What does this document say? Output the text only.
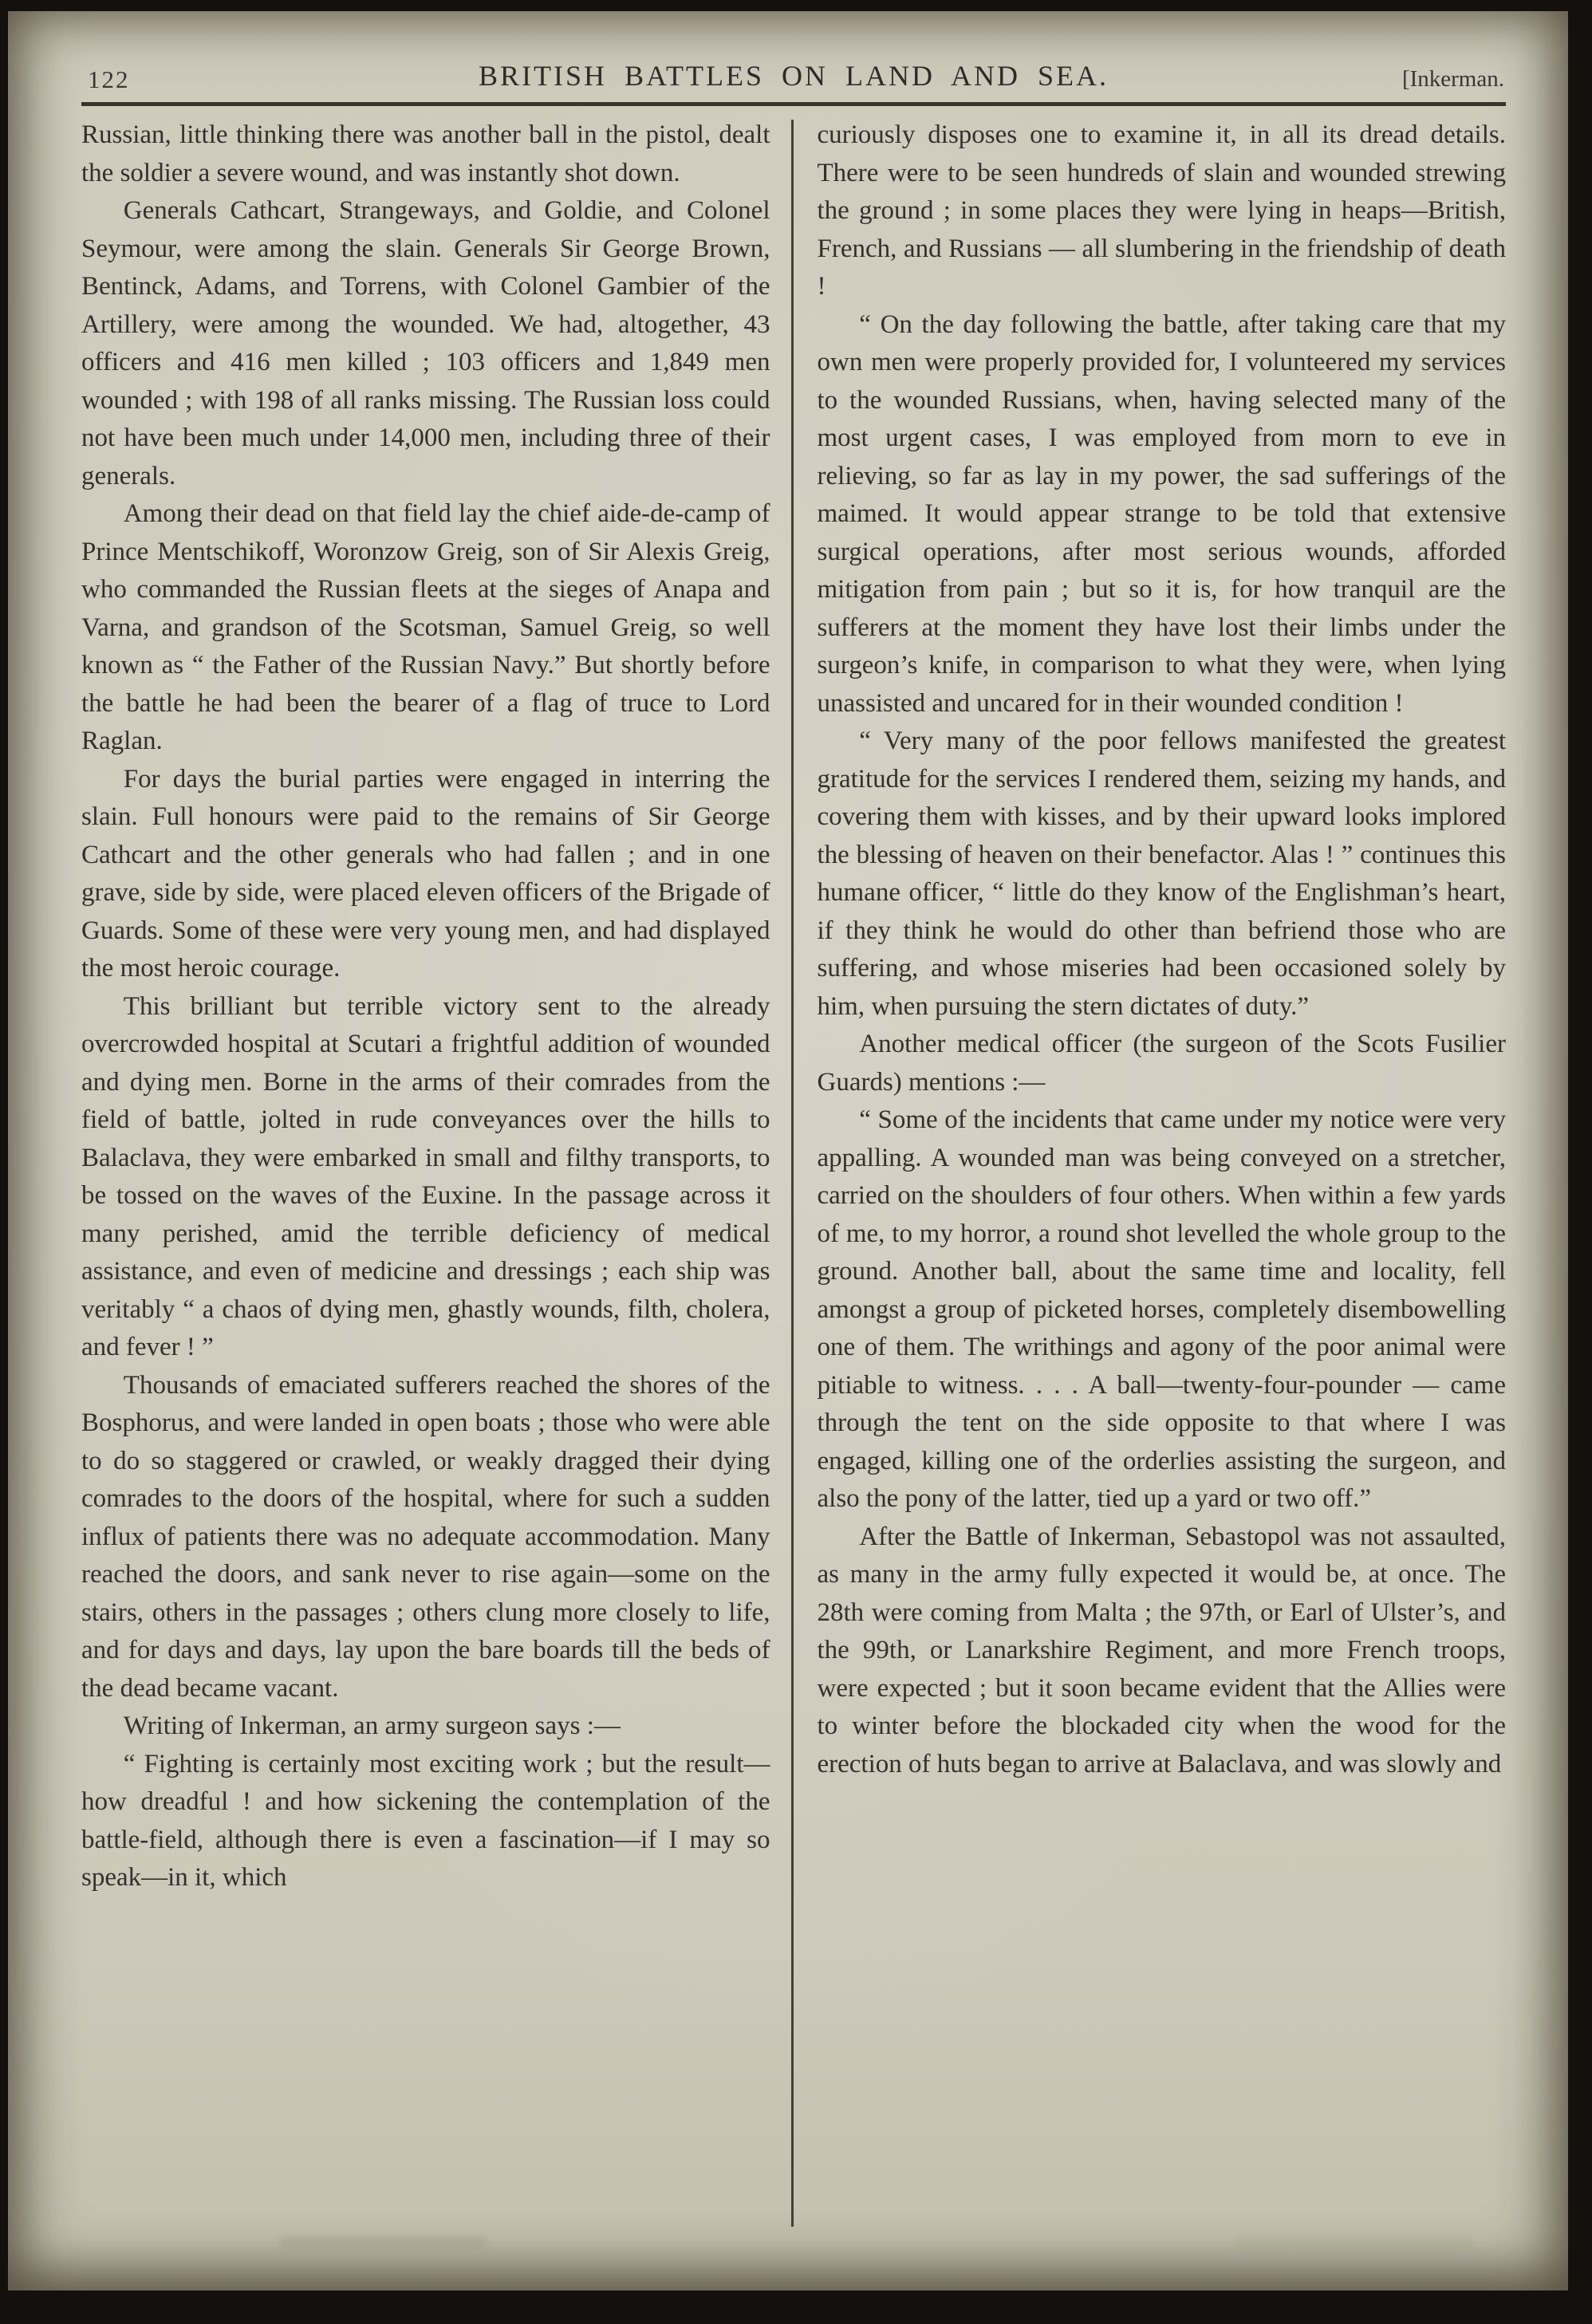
122	BRITISH BATTLES ON LAND AND SEA.	[Inkerman.

Russian, little thinking there was another ball in the pistol, dealt the soldier a severe wound, and was instantly shot down.

Generals Cathcart, Strangeways, and Goldie, and Colonel Seymour, were among the slain. Generals Sir George Brown, Bentinck, Adams, and Torrens, with Colonel Gambier of the Artillery, were among the wounded. We had, altogether, 43 officers and 416 men killed ; 103 officers and 1,849 men wounded ; with 198 of all ranks missing. The Russian loss could not have been much under 14,000 men, including three of their generals.

Among their dead on that field lay the chief aide-de-camp of Prince Mentschikoff, Woronzow Greig, son of Sir Alexis Greig, who commanded the Russian fleets at the sieges of Anapa and Varna, and grandson of the Scotsman, Samuel Greig, so well known as “ the Father of the Russian Navy.” But shortly before the battle he had been the bearer of a flag of truce to Lord Raglan.

For days the burial parties were engaged in interring the slain. Full honours were paid to the remains of Sir George Cathcart and the other generals who had fallen ; and in one grave, side by side, were placed eleven officers of the Brigade of Guards. Some of these were very young men, and had displayed the most heroic courage.

This brilliant but terrible victory sent to the already overcrowded hospital at Scutari a frightful addition of wounded and dying men. Borne in the arms of their comrades from the field of battle, jolted in rude conveyances over the hills to Balaclava, they were embarked in small and filthy transports, to be tossed on the waves of the Euxine. In the passage across it many perished, amid the terrible deficiency of medical assistance, and even of medicine and dressings ; each ship was veritably “ a chaos of dying men, ghastly wounds, filth, cholera, and fever ! ”

Thousands of emaciated sufferers reached the shores of the Bosphorus, and were landed in open boats ; those who were able to do so staggered or crawled, or weakly dragged their dying comrades to the doors of the hospital, where for such a sudden influx of patients there was no adequate accommodation. Many reached the doors, and sank never to rise again—some on the stairs, others in the passages ; others clung more closely to life, and for days and days, lay upon the bare boards till the beds of the dead became vacant.

Writing of Inkerman, an army surgeon says :—

“ Fighting is certainly most exciting work ; but the result—how dreadful ! and how sickening the contemplation of the battle-field, although there is even a fascination—if I may so speak—in it, which

curiously disposes one to examine it, in all its dread details. There were to be seen hundreds of slain and wounded strewing the ground ; in some places they were lying in heaps—British, French, and Russians — all slumbering in the friendship of death !

“ On the day following the battle, after taking care that my own men were properly provided for, I volunteered my services to the wounded Russians, when, having selected many of the most urgent cases, I was employed from morn to eve in relieving, so far as lay in my power, the sad sufferings of the maimed. It would appear strange to be told that extensive surgical operations, after most serious wounds, afforded mitigation from pain ; but so it is, for how tranquil are the sufferers at the moment they have lost their limbs under the surgeon’s knife, in comparison to what they were, when lying unassisted and uncared for in their wounded condition !

“ Very many of the poor fellows manifested the greatest gratitude for the services I rendered them, seizing my hands, and covering them with kisses, and by their upward looks implored the blessing of heaven on their benefactor. Alas ! ” continues this humane officer, “ little do they know of the Englishman’s heart, if they think he would do other than befriend those who are suffering, and whose miseries had been occasioned solely by him, when pursuing the stern dictates of duty.”

Another medical officer (the surgeon of the Scots Fusilier Guards) mentions :—

“ Some of the incidents that came under my notice were very appalling. A wounded man was being conveyed on a stretcher, carried on the shoulders of four others. When within a few yards of me, to my horror, a round shot levelled the whole group to the ground. Another ball, about the same time and locality, fell amongst a group of picketed horses, completely disembowelling one of them. The writhings and agony of the poor animal were pitiable to witness. . . . A ball—twenty-four-pounder — came through the tent on the side opposite to that where I was engaged, killing one of the orderlies assisting the surgeon, and also the pony of the latter, tied up a yard or two off.”

After the Battle of Inkerman, Sebastopol was not assaulted, as many in the army fully expected it would be, at once. The 28th were coming from Malta ; the 97th, or Earl of Ulster’s, and the 99th, or Lanarkshire Regiment, and more French troops, were expected ; but it soon became evident that the Allies were to winter before the blockaded city when the wood for the erection of huts began to arrive at Balaclava, and was slowly and
